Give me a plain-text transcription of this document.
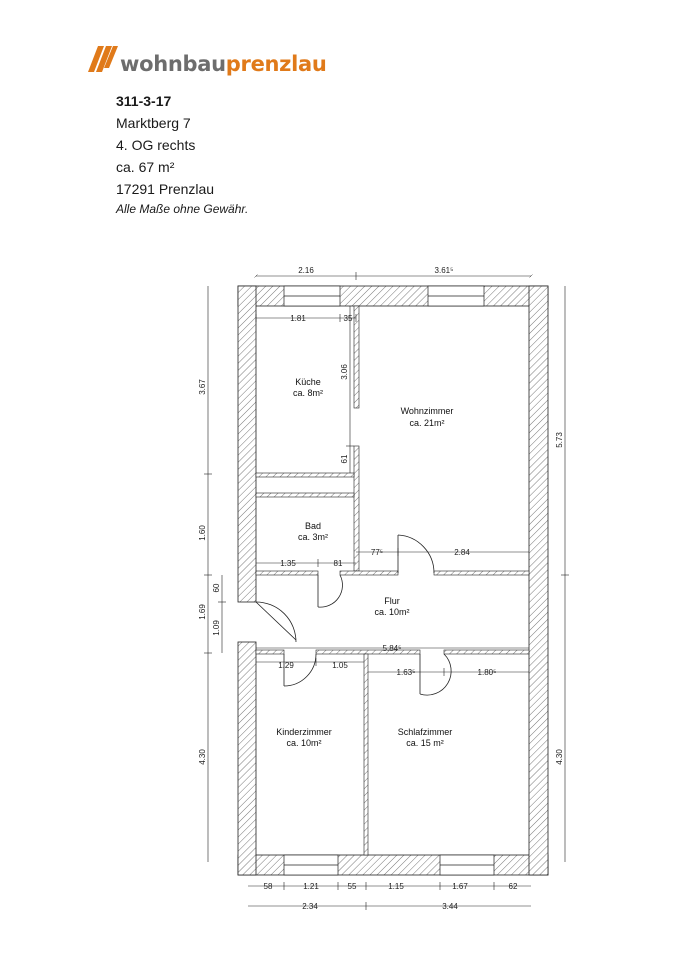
wohnbauprenzlau
311-3-17
Marktberg 7
4. OG rechts
ca. 67 m²
17291 Prenzlau
Alle Maße ohne Gewähr.
Küche
ca. 8m²
Wohnzimmer
ca. 21m²
Bad
ca. 3m²
Flur
ca. 10m²
Kinderzimmer
ca. 10m²
Schlafzimmer
ca. 15 m²
2.16	3.61⁵
1.81	35
3.06
61
1.35	81
77⁵	2.84
5.84⁵
1.29	1.05
1.63⁵	1.80⁵
3.67
1.60
1.69
60
1.09
4.30
5.73
4.30
58	1.21	55	1.15	1.67	62
2.34	3.44
